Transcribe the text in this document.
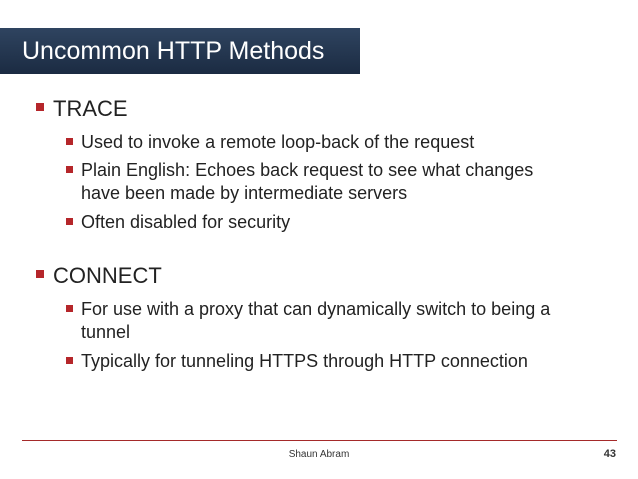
Uncommon HTTP Methods
TRACE
Used to invoke a remote loop-back of the request
Plain English: Echoes back request to see what changes have been made by intermediate servers
Often disabled for security
CONNECT
For use with a proxy that can dynamically switch to being a tunnel
Typically for tunneling HTTPS through HTTP connection
Shaun Abram	43
